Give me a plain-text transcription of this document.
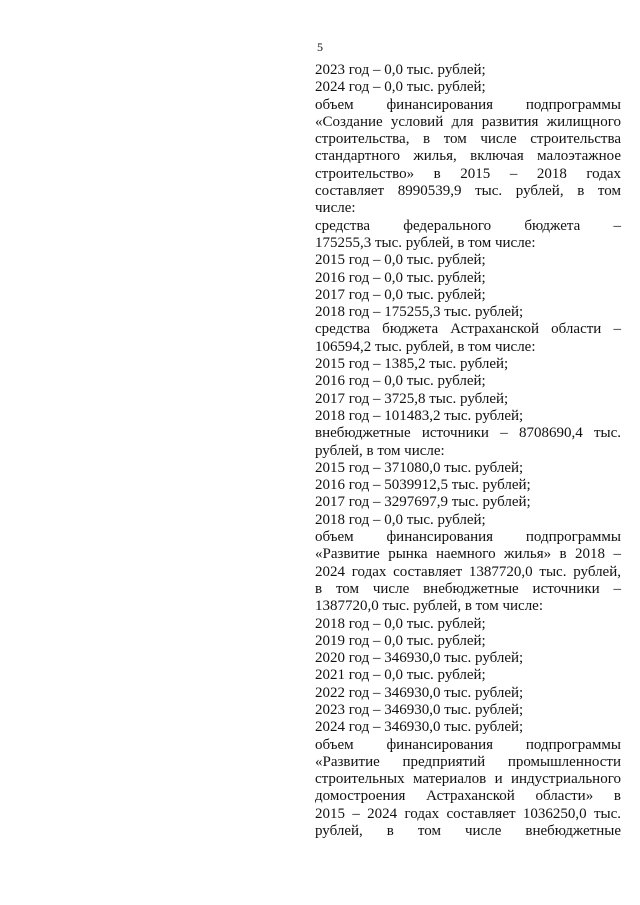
5
2023 год – 0,0 тыс. рублей;
2024 год – 0,0 тыс. рублей;
объем финансирования подпрограммы
«Создание условий для развития жилищного
строительства, в том числе строительства
стандартного жилья, включая малоэтажное
строительство» в 2015 – 2018 годах
составляет 8990539,9 тыс. рублей, в том
числе:
средства федерального бюджета –
175255,3 тыс. рублей, в том числе:
2015 год – 0,0 тыс. рублей;
2016 год – 0,0 тыс. рублей;
2017 год – 0,0 тыс. рублей;
2018 год – 175255,3 тыс. рублей;
средства бюджета Астраханской области –
106594,2 тыс. рублей, в том числе:
2015 год – 1385,2 тыс. рублей;
2016 год – 0,0 тыс. рублей;
2017 год – 3725,8 тыс. рублей;
2018 год – 101483,2 тыс. рублей;
внебюджетные источники – 8708690,4 тыс.
рублей, в том числе:
2015 год – 371080,0 тыс. рублей;
2016 год – 5039912,5 тыс. рублей;
2017 год – 3297697,9 тыс. рублей;
2018 год – 0,0 тыс. рублей;
объем финансирования подпрограммы
«Развитие рынка наемного жилья» в 2018 –
2024 годах составляет 1387720,0 тыс. рублей,
в том числе внебюджетные источники –
1387720,0 тыс. рублей, в том числе:
2018 год – 0,0 тыс. рублей;
2019 год – 0,0 тыс. рублей;
2020 год – 346930,0 тыс. рублей;
2021 год – 0,0 тыс. рублей;
2022 год – 346930,0 тыс. рублей;
2023 год – 346930,0 тыс. рублей;
2024 год – 346930,0 тыс. рублей;
объем финансирования подпрограммы
«Развитие предприятий промышленности
строительных материалов и индустриального
домостроения Астраханской области» в
2015 – 2024 годах составляет 1036250,0 тыс.
рублей, в том числе внебюджетные
